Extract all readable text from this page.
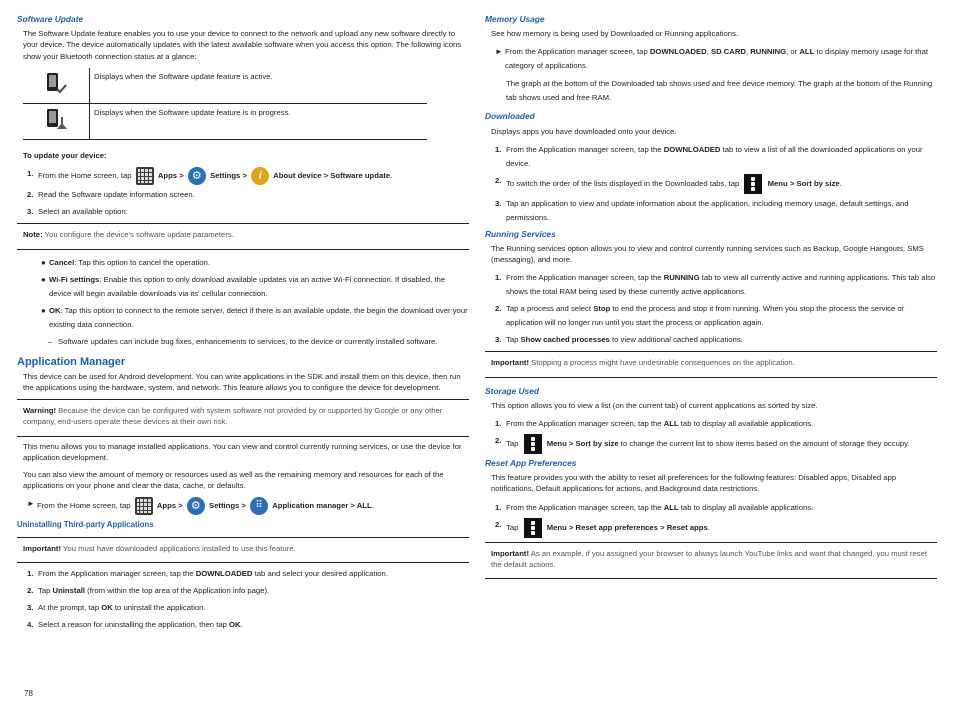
Software Update
The Software Update feature enables you to use your device to connect to the network and upload any new software directly to your device. The device automatically updates with the latest available software when you access this option. The following icons show your Bluetooth connection status at a glance:
	Displays when the Software update feature is active.
	Displays when the Software update feature is in progress.
To update your device:
1. From the Home screen, tap	Apps > ⚙ Settings > i About device > Software update.
2. Read the Software update information screen.
3. Select an available option:
Note: You configure the device's software update parameters.
● Cancel: Tap this option to cancel the operation.
● Wi-Fi settings: Enable this option to only download available updates via an active Wi-Fi connection. If disabled, the device will begin available downloads via its' cellular connection.
● OK: Tap this option to connect to the remote server, detect if there is an available update, the begin the download over your existing data connection.
– Software updates can include bug fixes, enhancements to services, to the device or currently installed software.
Application Manager
This device can be used for Android development. You can write applications in the SDK and install them on this device, then run the applications using the hardware, system, and network. This feature allows you to configure the device for development.
Warning! Because the device can be configured with system software not provided by or supported by Google or any other company, end-users operate these devices at their own risk.
This menu allows you to manage installed applications. You can view and control currently running services, or use the device for application development.
You can also view the amount of memory or resources used as well as the remaining memory and resources for each of the applications on your phone and clear the data, cache, or defaults.
► From the Home screen, tap	Apps > ⚙ Settings > ⠿ Application manager > ALL.
Uninstalling Third-party Applications
Important! You must have downloaded applications installed to use this feature.
1. From the Application manager screen, tap the DOWNLOADED tab and select your desired application.
2. Tap Uninstall (from within the top area of the Application info page).
3. At the prompt, tap OK to uninstall the application.
4. Select a reason for uninstalling the application, then tap OK.
78
Memory Usage
See how memory is being used by Downloaded or Running applications.
► From the Application manager screen, tap DOWNLOADED, SD CARD, RUNNING, or ALL to display memory usage for that category of applications.
The graph at the bottom of the Downloaded tab shows used and free device memory. The graph at the bottom of the Running tab shows used and free RAM.
Downloaded
Displays apps you have downloaded onto your device.
1. From the Application manager screen, tap the DOWNLOADED tab to view a list of all the downloaded applications on your device.
2. To switch the order of the lists displayed in the Downloaded tabs, tap	Menu > Sort by size.
3. Tap an application to view and update information about the application, including memory usage, default settings, and permissions.
Running Services
The Running services option allows you to view and control currently running services such as Backup, Google Hangouts, SMS (messaging), and more.
1. From the Application manager screen, tap the RUNNING tab to view all currently active and running applications. This tab also shows the total RAM being used by these currently active applications.
2. Tap a process and select Stop to end the process and stop it from running. When you stop the process the service or application will no longer run until you start the process or application again.
3. Tap Show cached processes to view additional cached applications.
Important! Stopping a process might have undesirable consequences on the application.
Storage Used
This option allows you to view a list (on the current tab) of current applications as sorted by size.
1. From the Application manager screen, tap the ALL tab to display all available applications.
2. Tap	Menu > Sort by size to change the current list to show items based on the amount of storage they occupy.
Reset App Preferences
This feature provides you with the ability to reset all preferences for the following features: Disabled apps, Disabled app notifications, Default applications for actions, and Background data restrictions.
1. From the Application manager screen, tap the ALL tab to display all available applications.
2. Tap	Menu > Reset app preferences > Reset apps.
Important! As an example, if you assigned your browser to always launch YouTube links and want that changed, you must reset the default actions.
